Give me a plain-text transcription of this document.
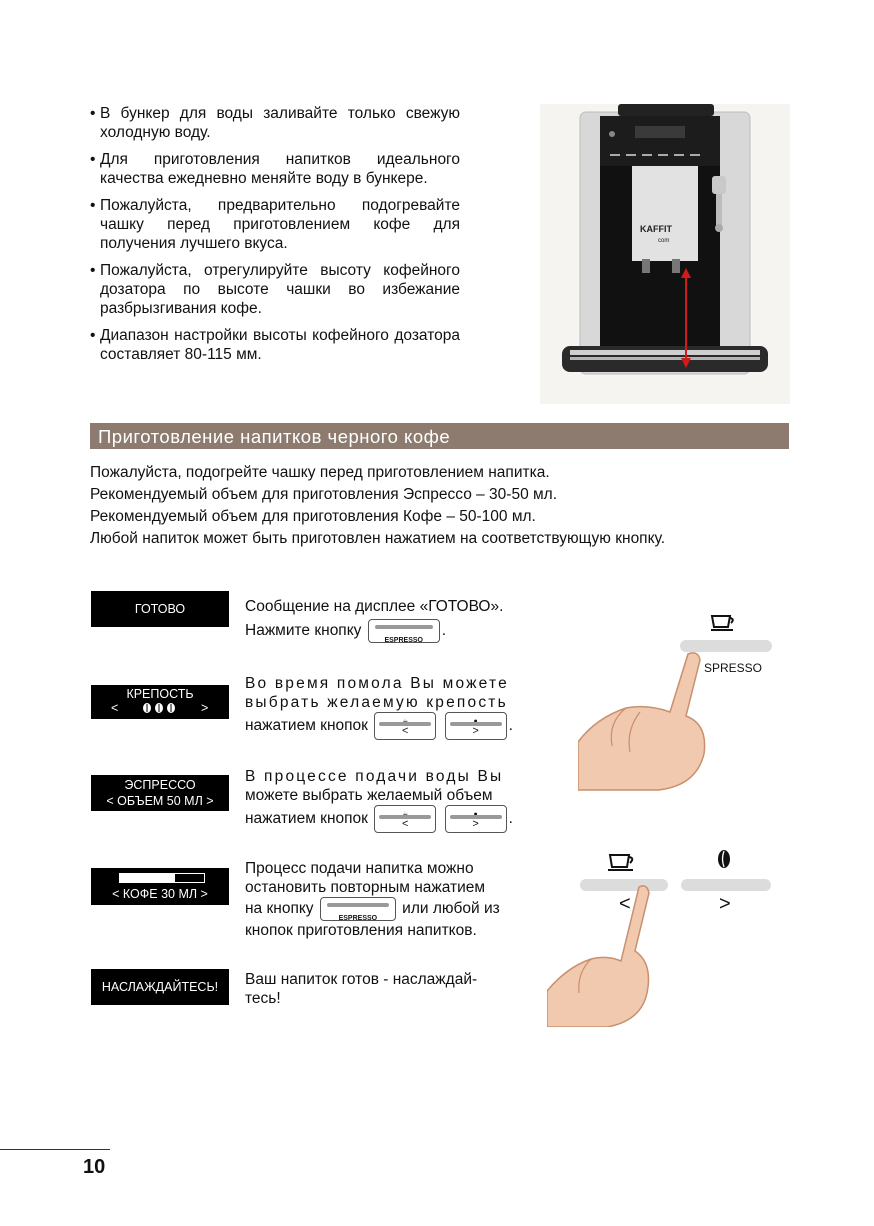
• В бункер для воды заливайте только свежую холодную воду.
• Для приготовления напитков идеального качества ежедневно меняйте воду в бункере.
• Пожалуйста, предварительно подогревайте чашку перед приготовлением кофе для получения лучшего вкуса.
• Пожалуйста, отрегулируйте высоту кофейного дозатора по высоте чашки во избежание разбрызгивания кофе.
• Диапазон настройки высоты кофейного дозатора составляет 80-115 мм.
KAFFIT
com
Приготовление напитков черного кофе
Пожалуйста, подогрейте чашку перед приготовлением напитка.
Рекомендуемый объем для приготовления Эспрессо – 30-50 мл.
Рекомендуемый объем для приготовления Кофе – 50-100 мл.
Любой напиток может быть приготовлен нажатием на соответствующую кнопку.
ГОТОВО
КРЕПОСТЬ
<	>
ЭСПРЕССО
< ОБЪЕМ 50 МЛ >
< КОФЕ 30 МЛ >
НАСЛАЖДАЙТЕСЬ!
Сообщение на дисплее «ГОТОВО».
Нажмите кнопку
ESPRESSO
.
Во время помола Вы можете
выбрать желаемую крепость
нажатием кнопок	<
	>	.
В процессе подачи воды Вы
можете выбрать желаемый объем
нажатием кнопок	<
	>	.
Процесс подачи напитка можно
остановить повторным нажатием
на кнопку
ESPRESSO
или любой из
кнопок приготовления напитков.
Ваш напиток готов - наслаждай-
тесь!
SPRESSO
<	>
10
